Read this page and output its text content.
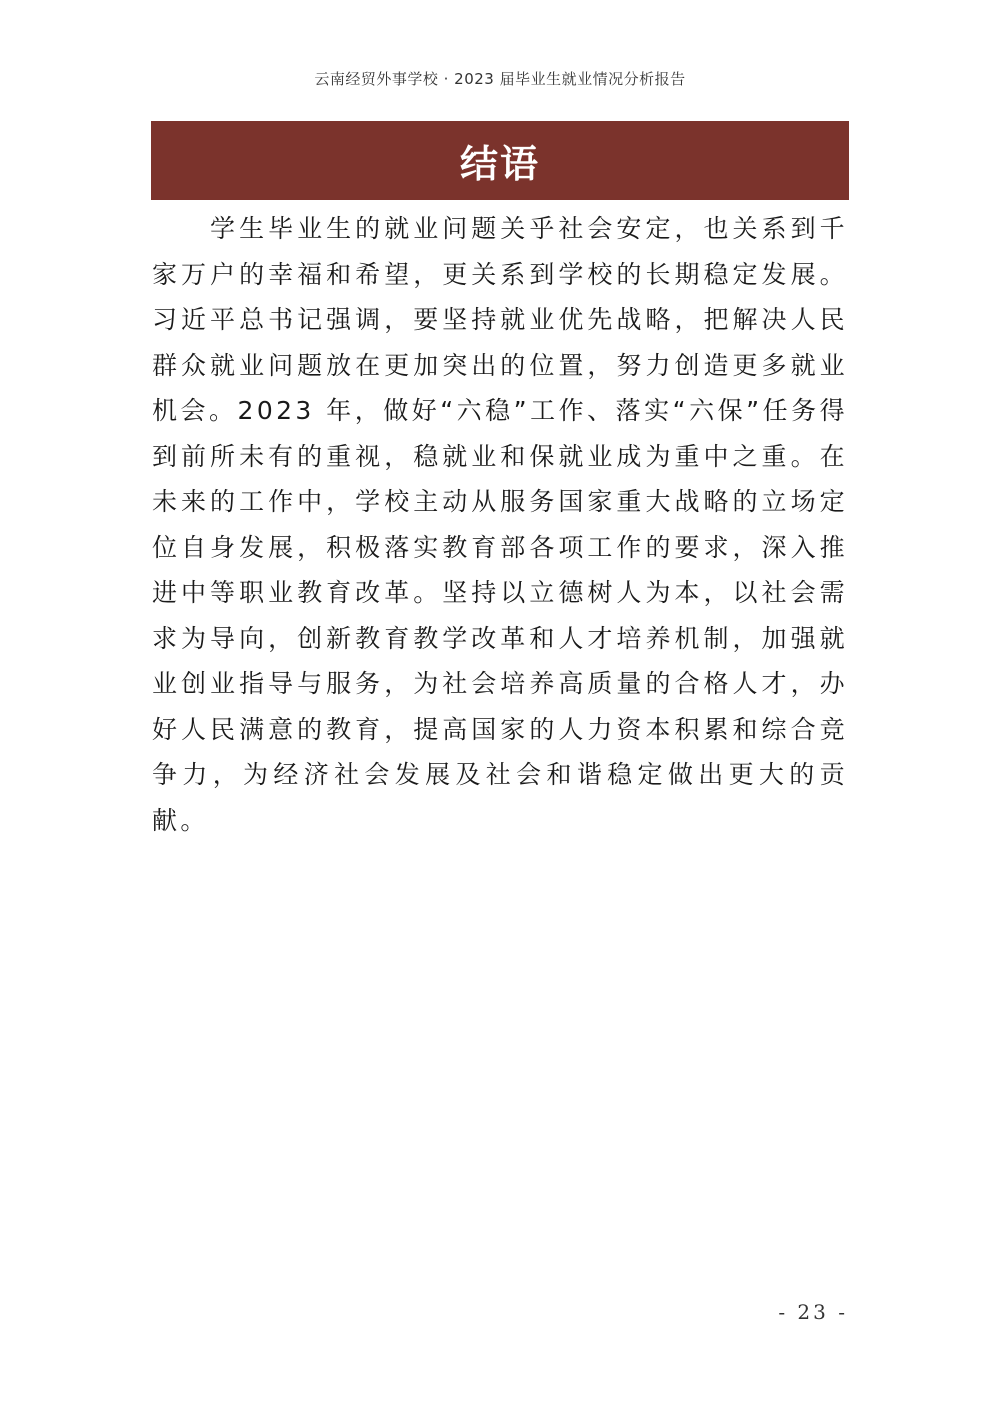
云南经贸外事学校 · 2023 届毕业生就业情况分析报告
结语

　　学生毕业生的就业问题关乎社会安定，也关系到千家万户的幸福和希望，更关系到学校的长期稳定发展。习近平总书记强调，要坚持就业优先战略，把解决人民群众就业问题放在更加突出的位置，努力创造更多就业机会。2023 年，做好“六稳”工作、落实“六保”任务得到前所未有的重视，稳就业和保就业成为重中之重。在未来的工作中，学校主动从服务国家重大战略的立场定位自身发展，积极落实教育部各项工作的要求，深入推进中等职业教育改革。坚持以立德树人为本，以社会需求为导向，创新教育教学改革和人才培养机制，加强就业创业指导与服务，为社会培养高质量的合格人才，办好人民满意的教育，提高国家的人力资本积累和综合竞争力，为经济社会发展及社会和谐稳定做出更大的贡献。

- 23 -
